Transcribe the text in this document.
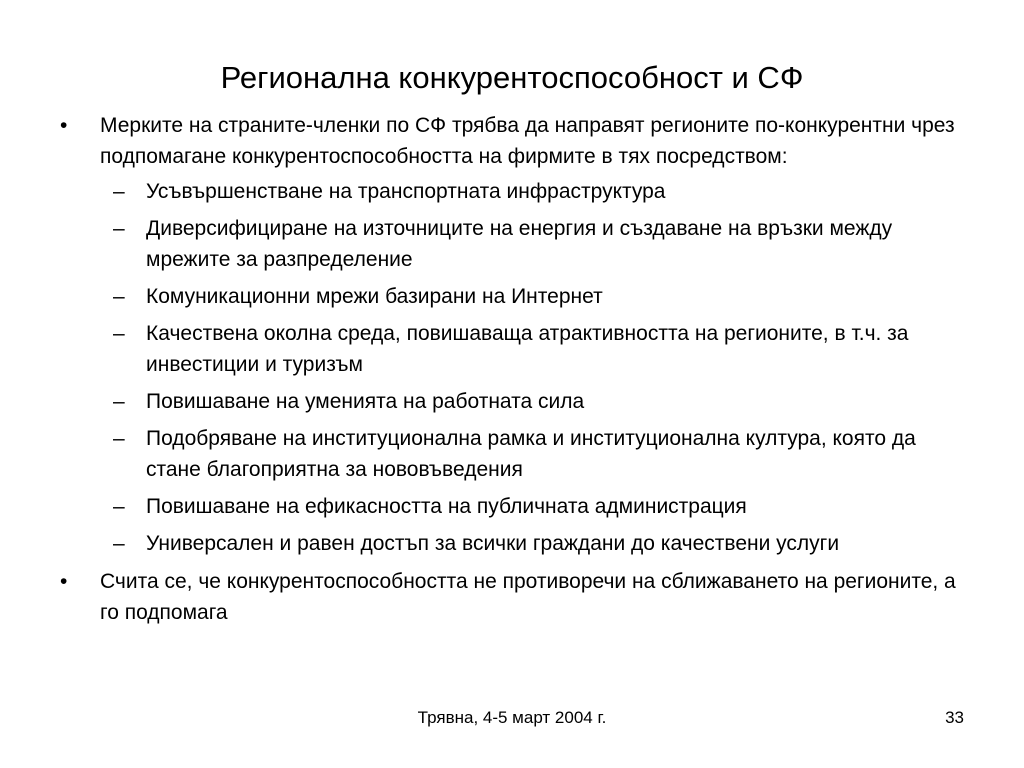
Регионална конкурентоспособност и СФ
• Мерките на страните-членки по СФ трябва да направят регионите по-конкурентни чрез подпомагане конкурентоспособността на фирмите в тях посредством:
– Усъвършенстване на транспортната инфраструктура
– Диверсифициране на източниците на енергия и създаване на връзки между мрежите за разпределение
– Комуникационни мрежи базирани на Интернет
– Качествена околна среда, повишаваща атрактивността на регионите, в т.ч. за инвестиции и туризъм
– Повишаване на уменията на работната сила
– Подобряване на институционална рамка и институционална култура, която да стане благоприятна за нововъведения
– Повишаване на ефикасността на публичната администрация
– Универсален и равен достъп за всички граждани до качествени услуги
• Счита се, че конкурентоспособността не противоречи на сближаването на регионите, а го подпомага
Трявна, 4-5 март 2004 г.	33
